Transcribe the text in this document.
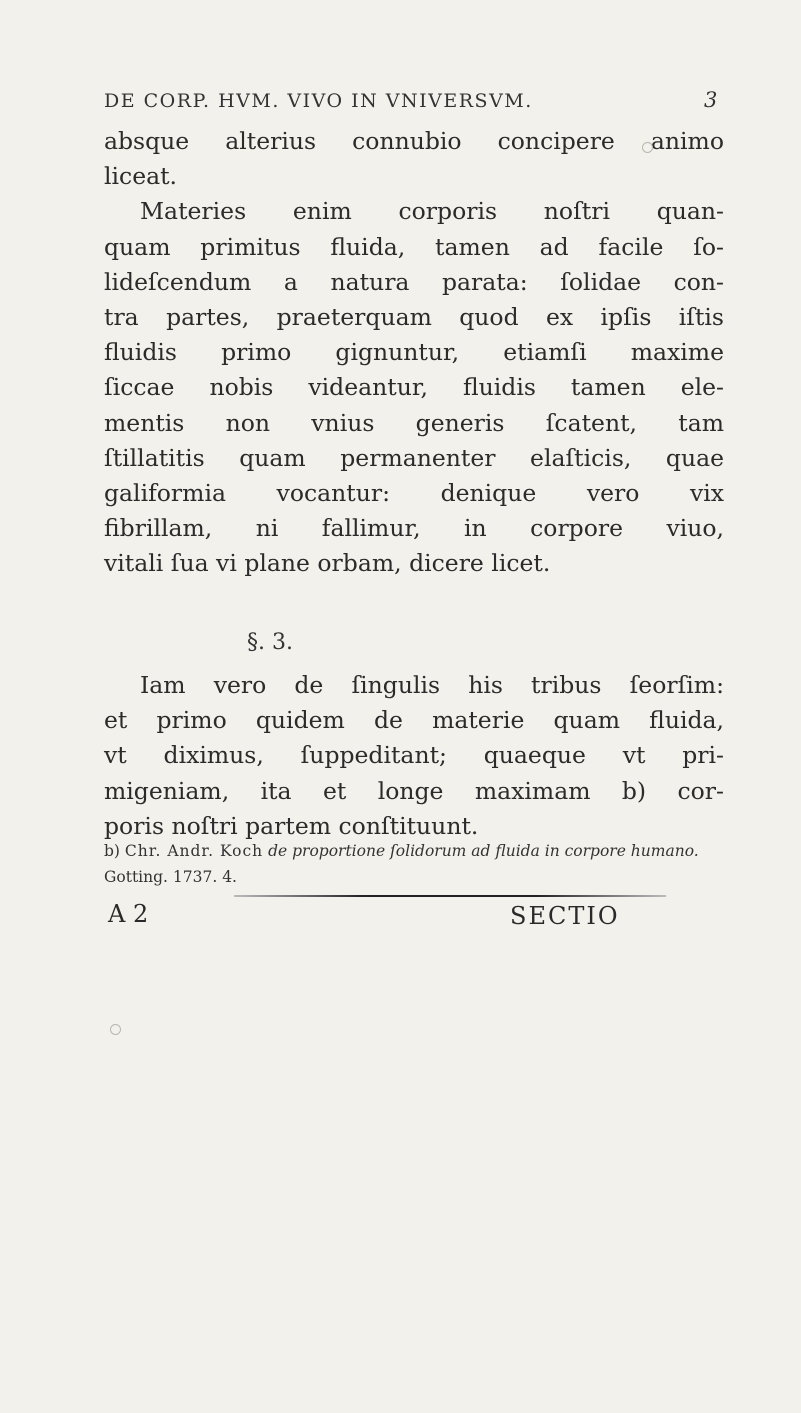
DE CORP. HVM. VIVO IN VNIVERSVM.	3
absque alterius connubio concipere animo
liceat.
Materies enim corporis noſtri quan-
quam primitus fluida, tamen ad facile ſo-
lideſcendum a natura parata: ſolidae con-
tra partes, praeterquam quod ex ipſis iſtis
fluidis primo gignuntur, etiamſi maxime
ſiccae nobis videantur, fluidis tamen ele-
mentis non vnius generis ſcatent, tam
ſtillatitis quam permanenter elaſticis, quae
galiformia vocantur: denique vero vix
fibrillam, ni fallimur, in corpore viuo,
vitali ſua vi plane orbam, dicere licet.
§. 3.
Iam vero de ſingulis his tribus ſeorſim:
et primo quidem de materie quam fluida,
vt diximus, ſuppeditant; quaeque vt pri-
migeniam, ita et longe maximam b) cor-
poris noſtri partem conſtituunt.
b) Chr. Andr. Koch de proportione ſolidorum ad fluida in corpore humano. Gotting. 1737. 4.
A 2	SECTIO
